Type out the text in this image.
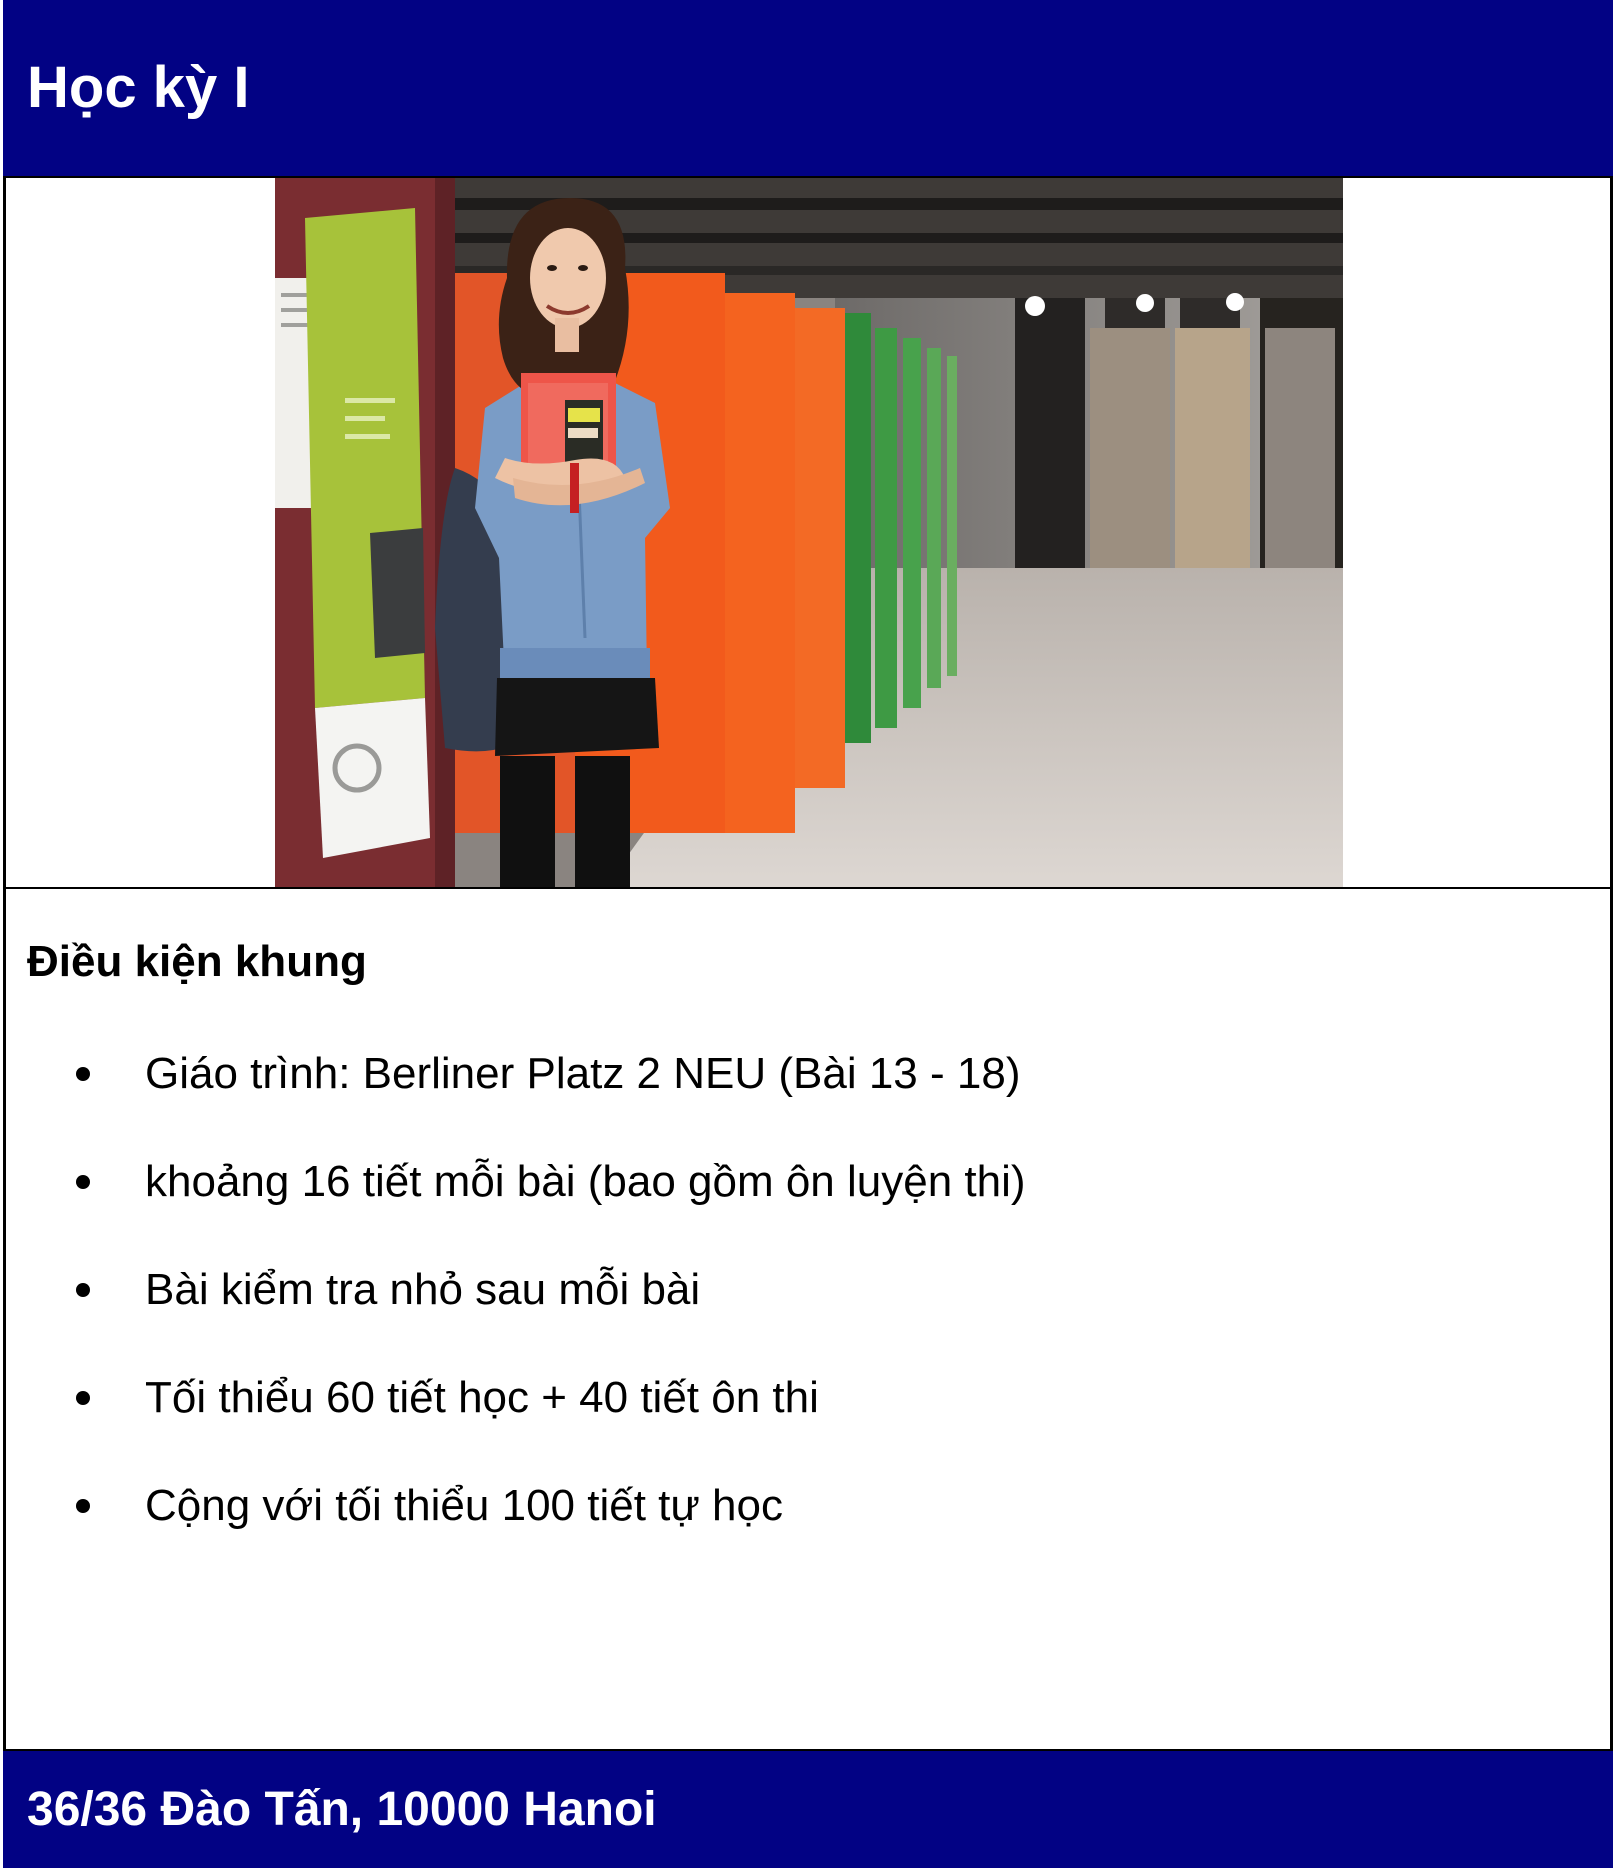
Học kỳ I
Điều kiện khung
Giáo trình: Berliner Platz 2 NEU (Bài 13 - 18)
khoảng 16 tiết mỗi bài (bao gồm ôn luyện thi)
Bài kiểm tra nhỏ sau mỗi bài
Tối thiểu 60 tiết học + 40 tiết ôn thi
Cộng với tối thiểu 100 tiết tự học

36/36 Đào Tấn, 10000 Hanoi
